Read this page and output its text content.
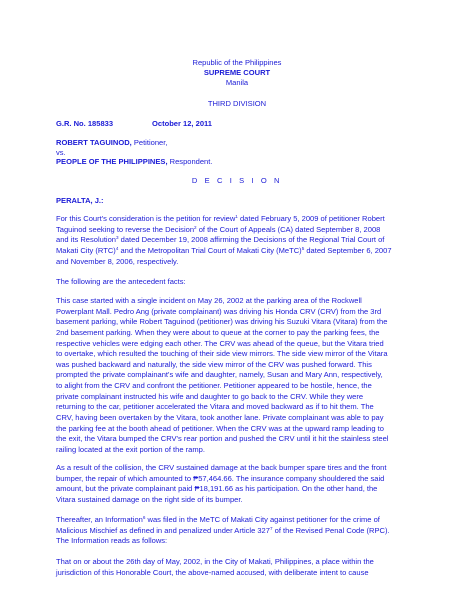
Republic of the Philippines
SUPREME COURT
Manila
THIRD DIVISION
G.R. No. 185833	October 12, 2011
ROBERT TAGUINOD, Petitioner,
vs.
PEOPLE OF THE PHILIPPINES, Respondent.
D E C I S I O N
PERALTA, J.:
For this Court's consideration is the petition for review$^1$ dated February 5, 2009 of petitioner Robert
Taguinod seeking to reverse the Decision$^2$ of the Court of Appeals (CA) dated September 8, 2008
and its Resolution$^3$ dated December 19, 2008 affirming the Decisions of the Regional Trial Court of
Makati City (RTC)$^4$ and the Metropolitan Trial Court of Makati City (MeTC)$^5$ dated September 6, 2007
and November 8, 2006, respectively.
The following are the antecedent facts:
This case started with a single incident on May 26, 2002 at the parking area of the Rockwell
Powerplant Mall. Pedro Ang (private complainant) was driving his Honda CRV (CRV) from the 3rd
basement parking, while Robert Taguinod (petitioner) was driving his Suzuki Vitara (Vitara) from the
2nd basement parking. When they were about to queue at the corner to pay the parking fees, the
respective vehicles were edging each other. The CRV was ahead of the queue, but the Vitara tried
to overtake, which resulted the touching of their side view mirrors. The side view mirror of the Vitara
was pushed backward and naturally, the side view mirror of the CRV was pushed forward. This
prompted the private complainant's wife and daughter, namely, Susan and Mary Ann, respectively,
to alight from the CRV and confront the petitioner. Petitioner appeared to be hostile, hence, the
private complainant instructed his wife and daughter to go back to the CRV. While they were
returning to the car, petitioner accelerated the Vitara and moved backward as if to hit them. The
CRV, having been overtaken by the Vitara, took another lane. Private complainant was able to pay
the parking fee at the booth ahead of petitioner. When the CRV was at the upward ramp leading to
the exit, the Vitara bumped the CRV's rear portion and pushed the CRV until it hit the stainless steel
railing located at the exit portion of the ramp.
As a result of the collision, the CRV sustained damage at the back bumper spare tires and the front
bumper, the repair of which amounted to ₱57,464.66. The insurance company shouldered the said
amount, but the private complainant paid ₱18,191.66 as his participation. On the other hand, the
Vitara sustained damage on the right side of its bumper.
Thereafter, an Information$^6$ was filed in the MeTC of Makati City against petitioner for the crime of
Malicious Mischief as defined in and penalized under Article 327$^7$ of the Revised Penal Code (RPC).
The Information reads as follows:
That on or about the 26th day of May, 2002, in the City of Makati, Philippines, a place within the
jurisdiction of this Honorable Court, the above-named accused, with deliberate intent to cause
